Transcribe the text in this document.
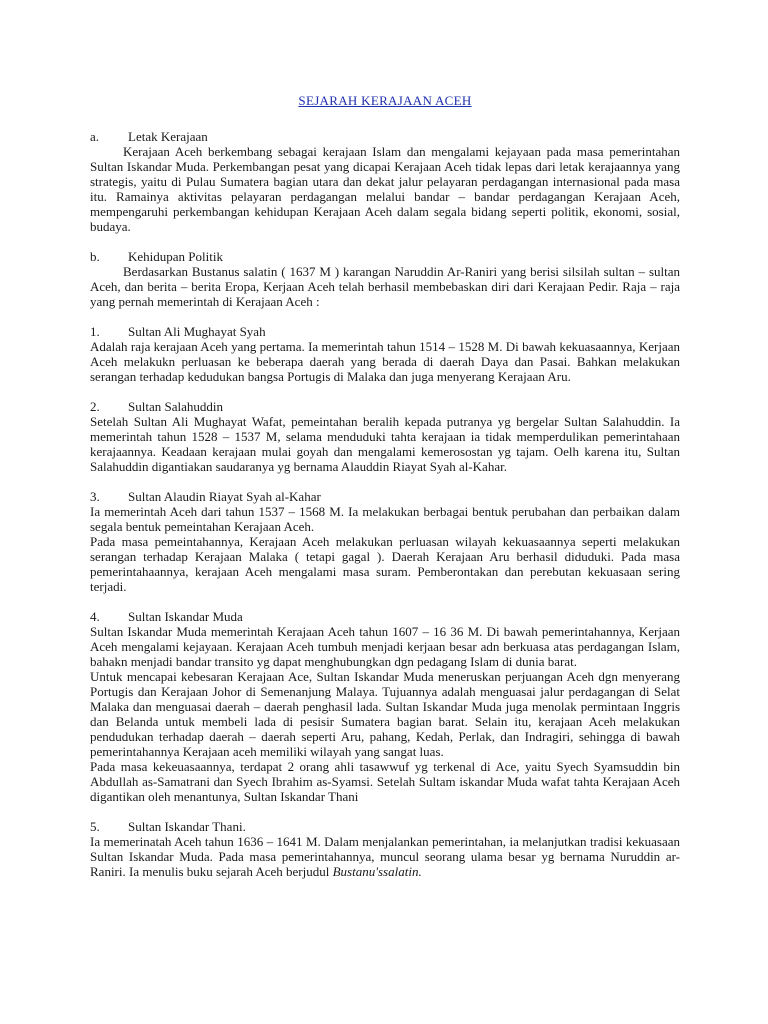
SEJARAH KERAJAAN ACEH
a. Letak Kerajaan

Kerajaan Aceh berkembang sebagai kerajaan Islam dan mengalami kejayaan pada masa pemerintahan Sultan Iskandar Muda. Perkembangan pesat yang dicapai Kerajaan Aceh tidak lepas dari letak kerajaannya yang strategis, yaitu di Pulau Sumatera bagian utara dan dekat jalur pelayaran perdagangan internasional pada masa itu. Ramainya aktivitas pelayaran perdagangan melalui bandar – bandar perdagangan Kerajaan Aceh, mempengaruhi perkembangan kehidupan Kerajaan Aceh dalam segala bidang seperti politik, ekonomi, sosial, budaya.

b. Kehidupan Politik

Berdasarkan Bustanus salatin ( 1637 M ) karangan Naruddin Ar-Raniri yang berisi silsilah sultan – sultan Aceh, dan berita – berita Eropa, Kerjaan Aceh telah berhasil membebaskan diri dari Kerajaan Pedir. Raja – raja yang pernah memerintah di Kerajaan Aceh :

1. Sultan Ali Mughayat Syah

Adalah raja kerajaan Aceh yang pertama. Ia memerintah tahun 1514 – 1528 M. Di bawah kekuasaannya, Kerjaan Aceh melakukn perluasan ke beberapa daerah yang berada di daerah Daya dan Pasai. Bahkan melakukan serangan terhadap kedudukan bangsa Portugis di Malaka dan juga menyerang Kerajaan Aru.

2. Sultan Salahuddin

Setelah Sultan Ali Mughayat Wafat, pemeintahan beralih kepada putranya yg bergelar Sultan Salahuddin. Ia memerintah tahun 1528 – 1537 M, selama menduduki tahta kerajaan ia tidak memperdulikan pemerintahaan kerajaannya. Keadaan kerajaan mulai goyah dan mengalami kemerosostan yg tajam. Oelh karena itu, Sultan Salahuddin digantiakan saudaranya yg bernama Alauddin Riayat Syah al-Kahar.

3. Sultan Alaudin Riayat Syah al-Kahar

Ia memerintah Aceh dari tahun 1537 – 1568 M. Ia melakukan berbagai bentuk perubahan dan perbaikan dalam segala bentuk pemeintahan Kerajaan Aceh.

Pada masa pemeintahannya, Kerajaan Aceh melakukan perluasan wilayah kekuasaannya seperti melakukan serangan terhadap Kerajaan Malaka ( tetapi gagal ). Daerah Kerajaan Aru berhasil diduduki. Pada masa pemerintahaannya, kerajaan Aceh mengalami masa suram. Pemberontakan dan perebutan kekuasaan sering terjadi.

4. Sultan Iskandar Muda

Sultan Iskandar Muda memerintah Kerajaan Aceh tahun 1607 – 16 36 M. Di bawah pemerintahannya, Kerjaan Aceh mengalami kejayaan. Kerajaan Aceh tumbuh menjadi kerjaan besar adn berkuasa atas perdagangan Islam, bahakn menjadi bandar transito yg dapat menghubungkan dgn pedagang Islam di dunia barat.

Untuk mencapai kebesaran Kerajaan Ace, Sultan Iskandar Muda meneruskan perjuangan Aceh dgn menyerang Portugis dan Kerajaan Johor di Semenanjung Malaya. Tujuannya adalah menguasai jalur perdagangan di Selat Malaka dan menguasai daerah – daerah penghasil lada. Sultan Iskandar Muda juga menolak permintaan Inggris dan Belanda untuk membeli lada di pesisir Sumatera bagian barat. Selain itu, kerajaan Aceh melakukan pendudukan terhadap daerah – daerah seperti Aru, pahang, Kedah, Perlak, dan Indragiri, sehingga di bawah pemerintahannya Kerajaan aceh memiliki wilayah yang sangat luas.

Pada masa kekeuasaannya, terdapat 2 orang ahli tasawwuf yg terkenal di Ace, yaitu Syech Syamsuddin bin Abdullah as-Samatrani dan Syech Ibrahim as-Syamsi. Setelah Sultam iskandar Muda wafat tahta Kerajaan Aceh digantikan oleh menantunya, Sultan Iskandar Thani

5. Sultan Iskandar Thani.

Ia memerinatah Aceh tahun 1636 – 1641 M. Dalam menjalankan pemerintahan, ia melanjutkan tradisi kekuasaan Sultan Iskandar Muda. Pada masa pemerintahannya, muncul seorang ulama besar yg bernama Nuruddin ar-Raniri. Ia menulis buku sejarah Aceh berjudul Bustanu'ssalatin.
